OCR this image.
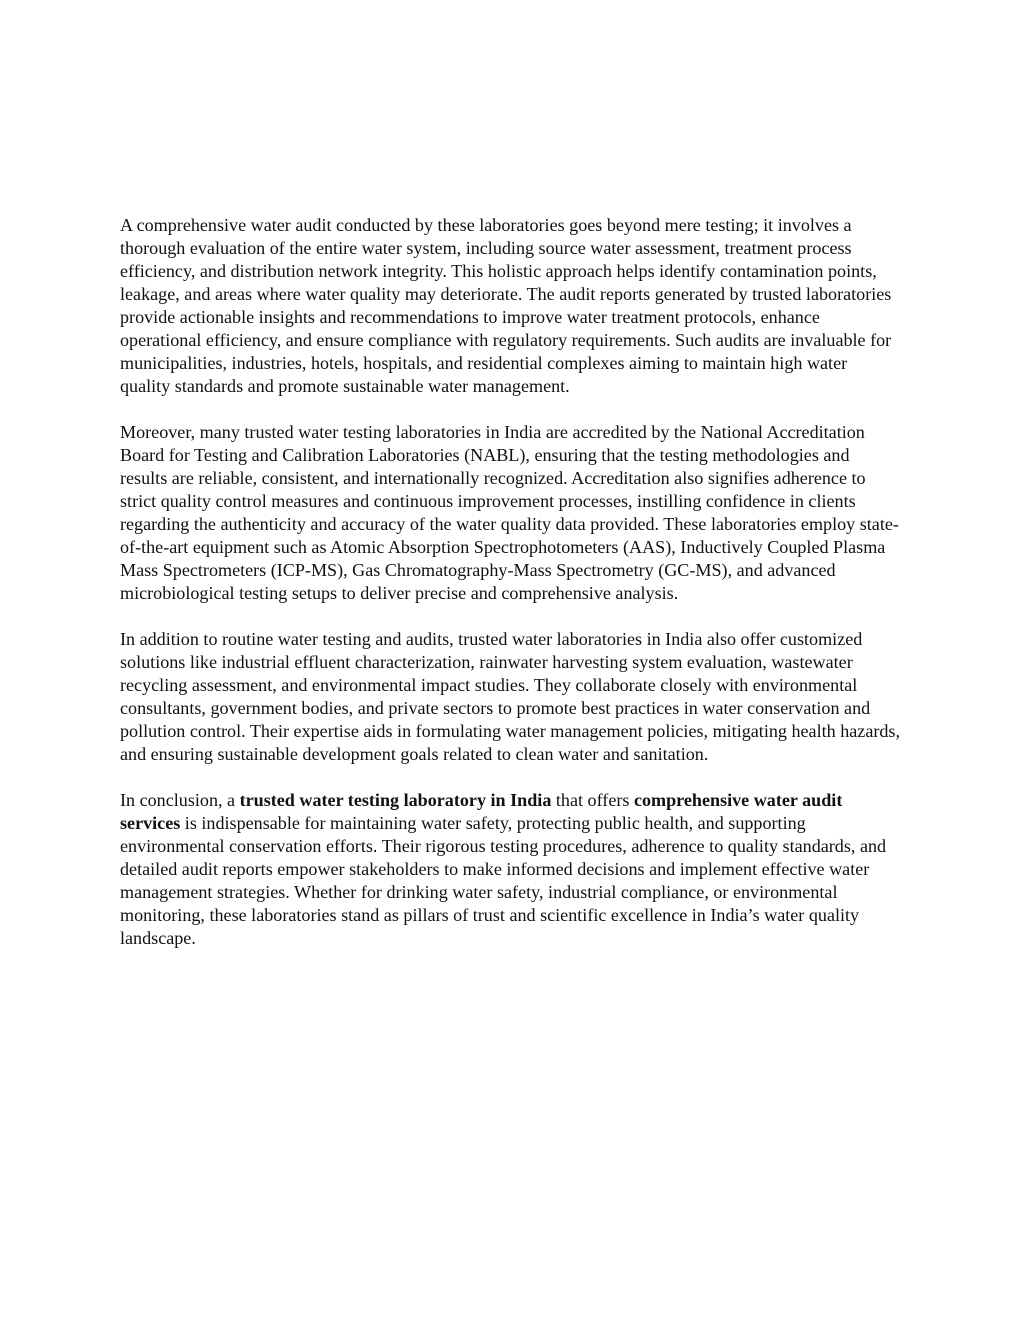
A comprehensive water audit conducted by these laboratories goes beyond mere testing; it involves a thorough evaluation of the entire water system, including source water assessment, treatment process efficiency, and distribution network integrity. This holistic approach helps identify contamination points, leakage, and areas where water quality may deteriorate. The audit reports generated by trusted laboratories provide actionable insights and recommendations to improve water treatment protocols, enhance operational efficiency, and ensure compliance with regulatory requirements. Such audits are invaluable for municipalities, industries, hotels, hospitals, and residential complexes aiming to maintain high water quality standards and promote sustainable water management.

Moreover, many trusted water testing laboratories in India are accredited by the National Accreditation Board for Testing and Calibration Laboratories (NABL), ensuring that the testing methodologies and results are reliable, consistent, and internationally recognized. Accreditation also signifies adherence to strict quality control measures and continuous improvement processes, instilling confidence in clients regarding the authenticity and accuracy of the water quality data provided. These laboratories employ state-of-the-art equipment such as Atomic Absorption Spectrophotometers (AAS), Inductively Coupled Plasma Mass Spectrometers (ICP-MS), Gas Chromatography-Mass Spectrometry (GC-MS), and advanced microbiological testing setups to deliver precise and comprehensive analysis.

In addition to routine water testing and audits, trusted water laboratories in India also offer customized solutions like industrial effluent characterization, rainwater harvesting system evaluation, wastewater recycling assessment, and environmental impact studies. They collaborate closely with environmental consultants, government bodies, and private sectors to promote best practices in water conservation and pollution control. Their expertise aids in formulating water management policies, mitigating health hazards, and ensuring sustainable development goals related to clean water and sanitation.

In conclusion, a trusted water testing laboratory in India that offers comprehensive water audit services is indispensable for maintaining water safety, protecting public health, and supporting environmental conservation efforts. Their rigorous testing procedures, adherence to quality standards, and detailed audit reports empower stakeholders to make informed decisions and implement effective water management strategies. Whether for drinking water safety, industrial compliance, or environmental monitoring, these laboratories stand as pillars of trust and scientific excellence in India’s water quality landscape.
